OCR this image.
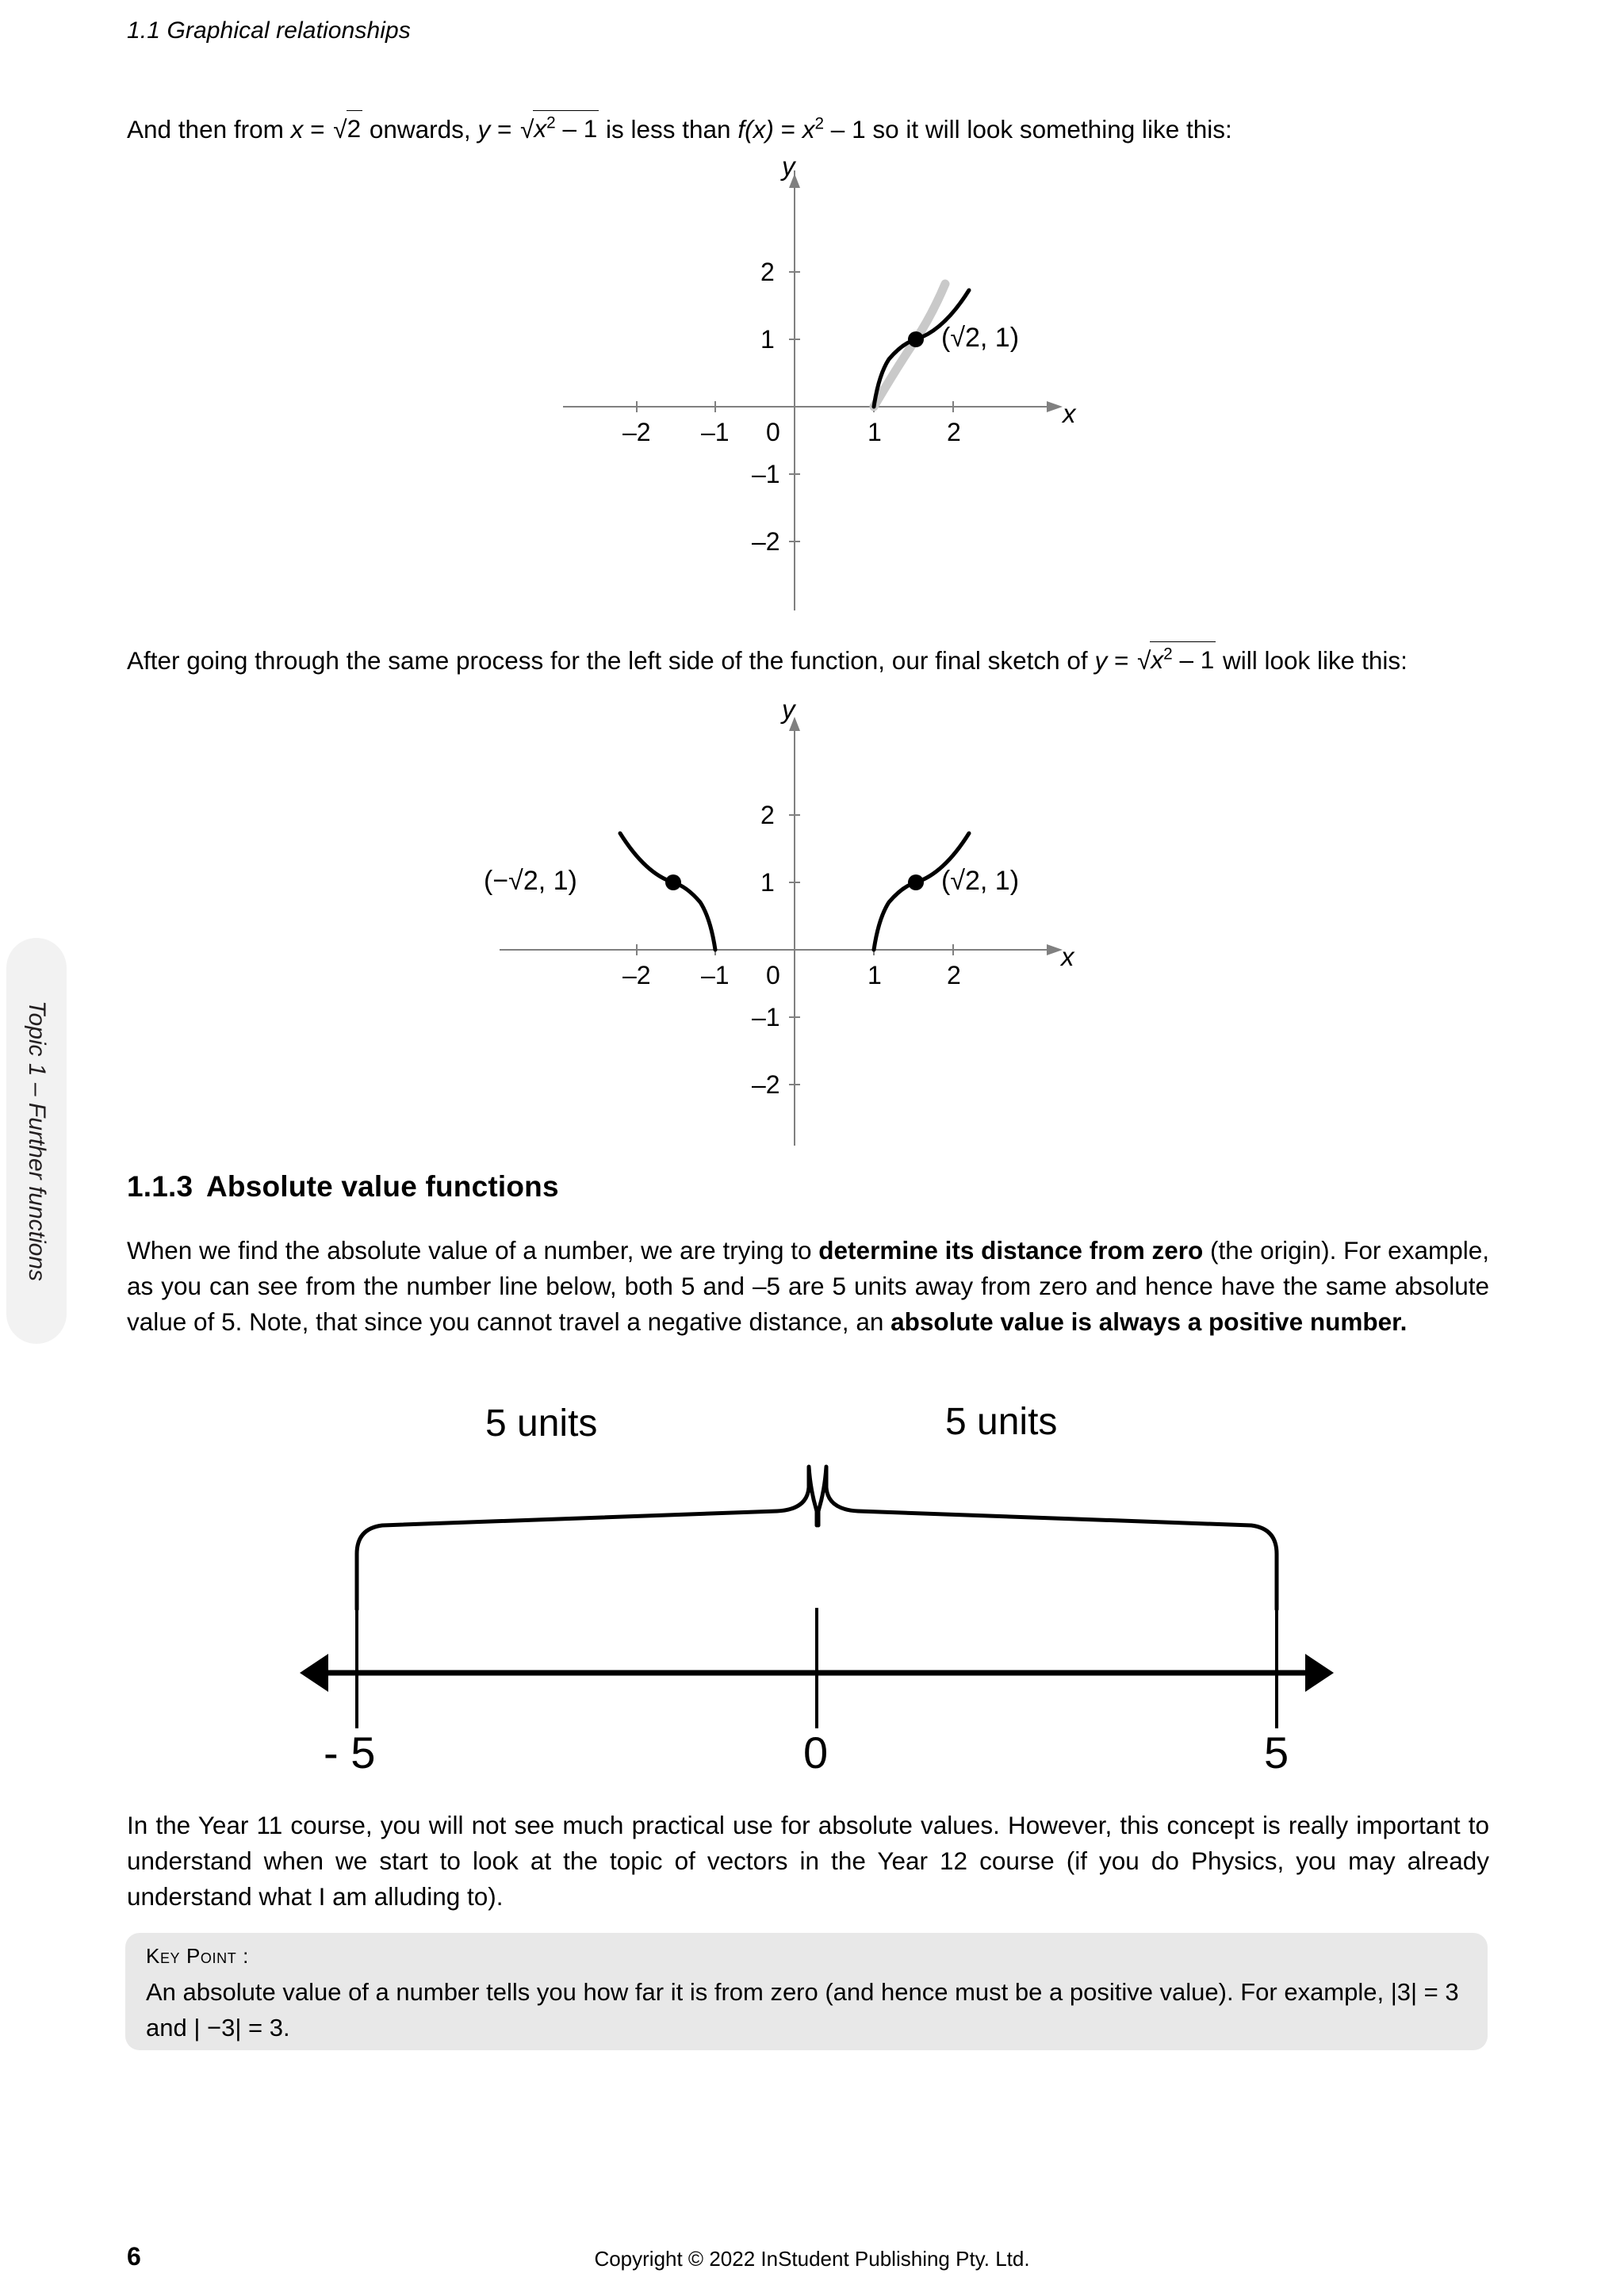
1.1 Graphical relationships
Topic 1 – Further functions
And then from x = √2 onwards, $y = √x^2 - 1$ is less than $f(x) = x^2 - 1$ so it will look something like this:
y
x
–2 –1 0	1	2
2
1
–1
–2
(√2, 1)
After going through the same process for the left side of the function, our final sketch of $y = √x^2 - 1$ will look like this:
y
x
–2 –1 0	1	2
2
1
–1
–2
(−√2, 1)	(√2, 1)
1.1.3 Absolute value functions
When we find the absolute value of a number, we are trying to determine its distance from zero (the origin). For example, as you can see from the number line below, both 5 and –5 are 5 units away from zero and hence have the same absolute value of 5. Note, that since you cannot travel a negative distance, an absolute value is always a positive number.
5 units	5 units
- 5	0	5
In the Year 11 course, you will not see much practical use for absolute values. However, this concept is really important to understand when we start to look at the topic of vectors in the Year 12 course (if you do Physics, you may already understand what I am alluding to).
Key Point :
An absolute value of a number tells you how far it is from zero (and hence must be a positive value). For example, |3| = 3 and | −3| = 3.
6	Copyright © 2022 InStudent Publishing Pty. Ltd.
